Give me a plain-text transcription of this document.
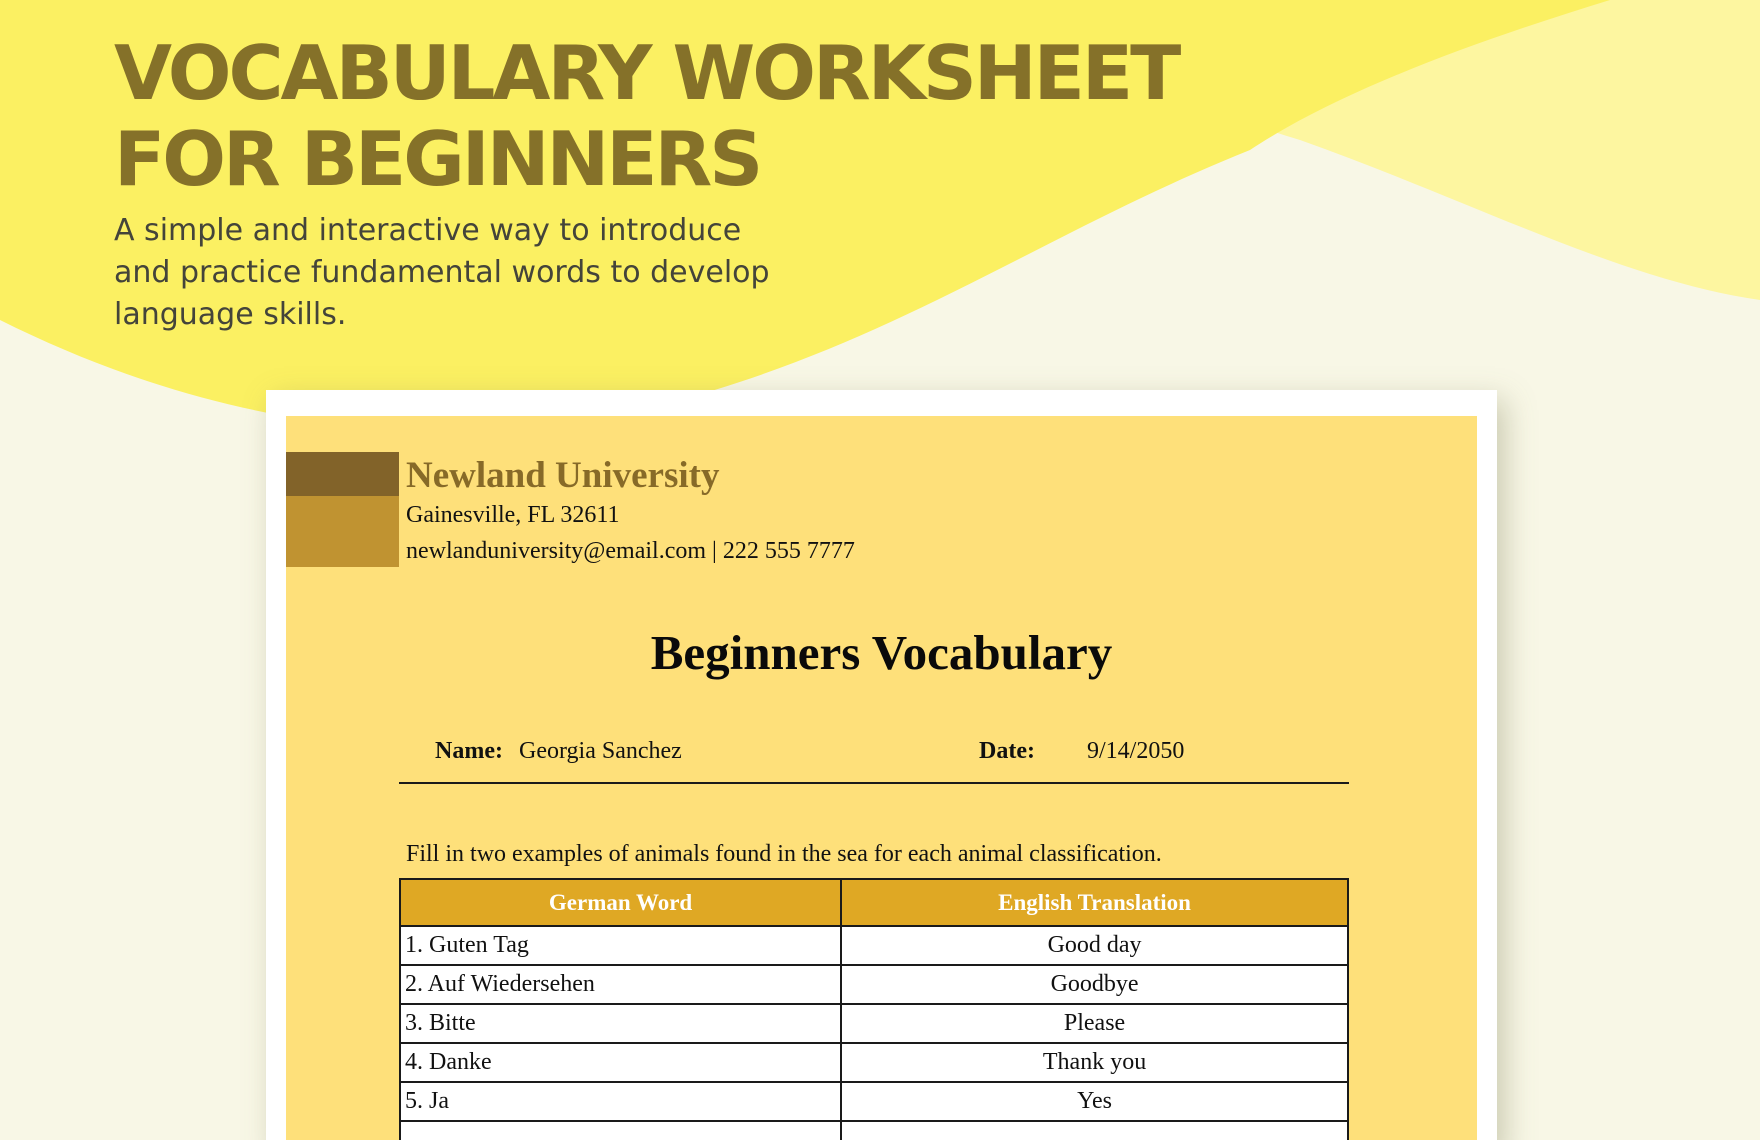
VOCABULARY WORKSHEET
FOR BEGINNERS
A simple and interactive way to introduce and practice fundamental words to develop language skills.
Newland University
Gainesville, FL 32611
newlanduniversity@email.com | 222 555 7777
Beginners Vocabulary
Name: Georgia Sanchez	Date: 9/14/2050
Fill in two examples of animals found in the sea for each animal classification.
German Word	English Translation
1. Guten Tag	Good day
2. Auf Wiedersehen	Goodbye
3. Bitte	Please
4. Danke	Thank you
5. Ja	Yes
